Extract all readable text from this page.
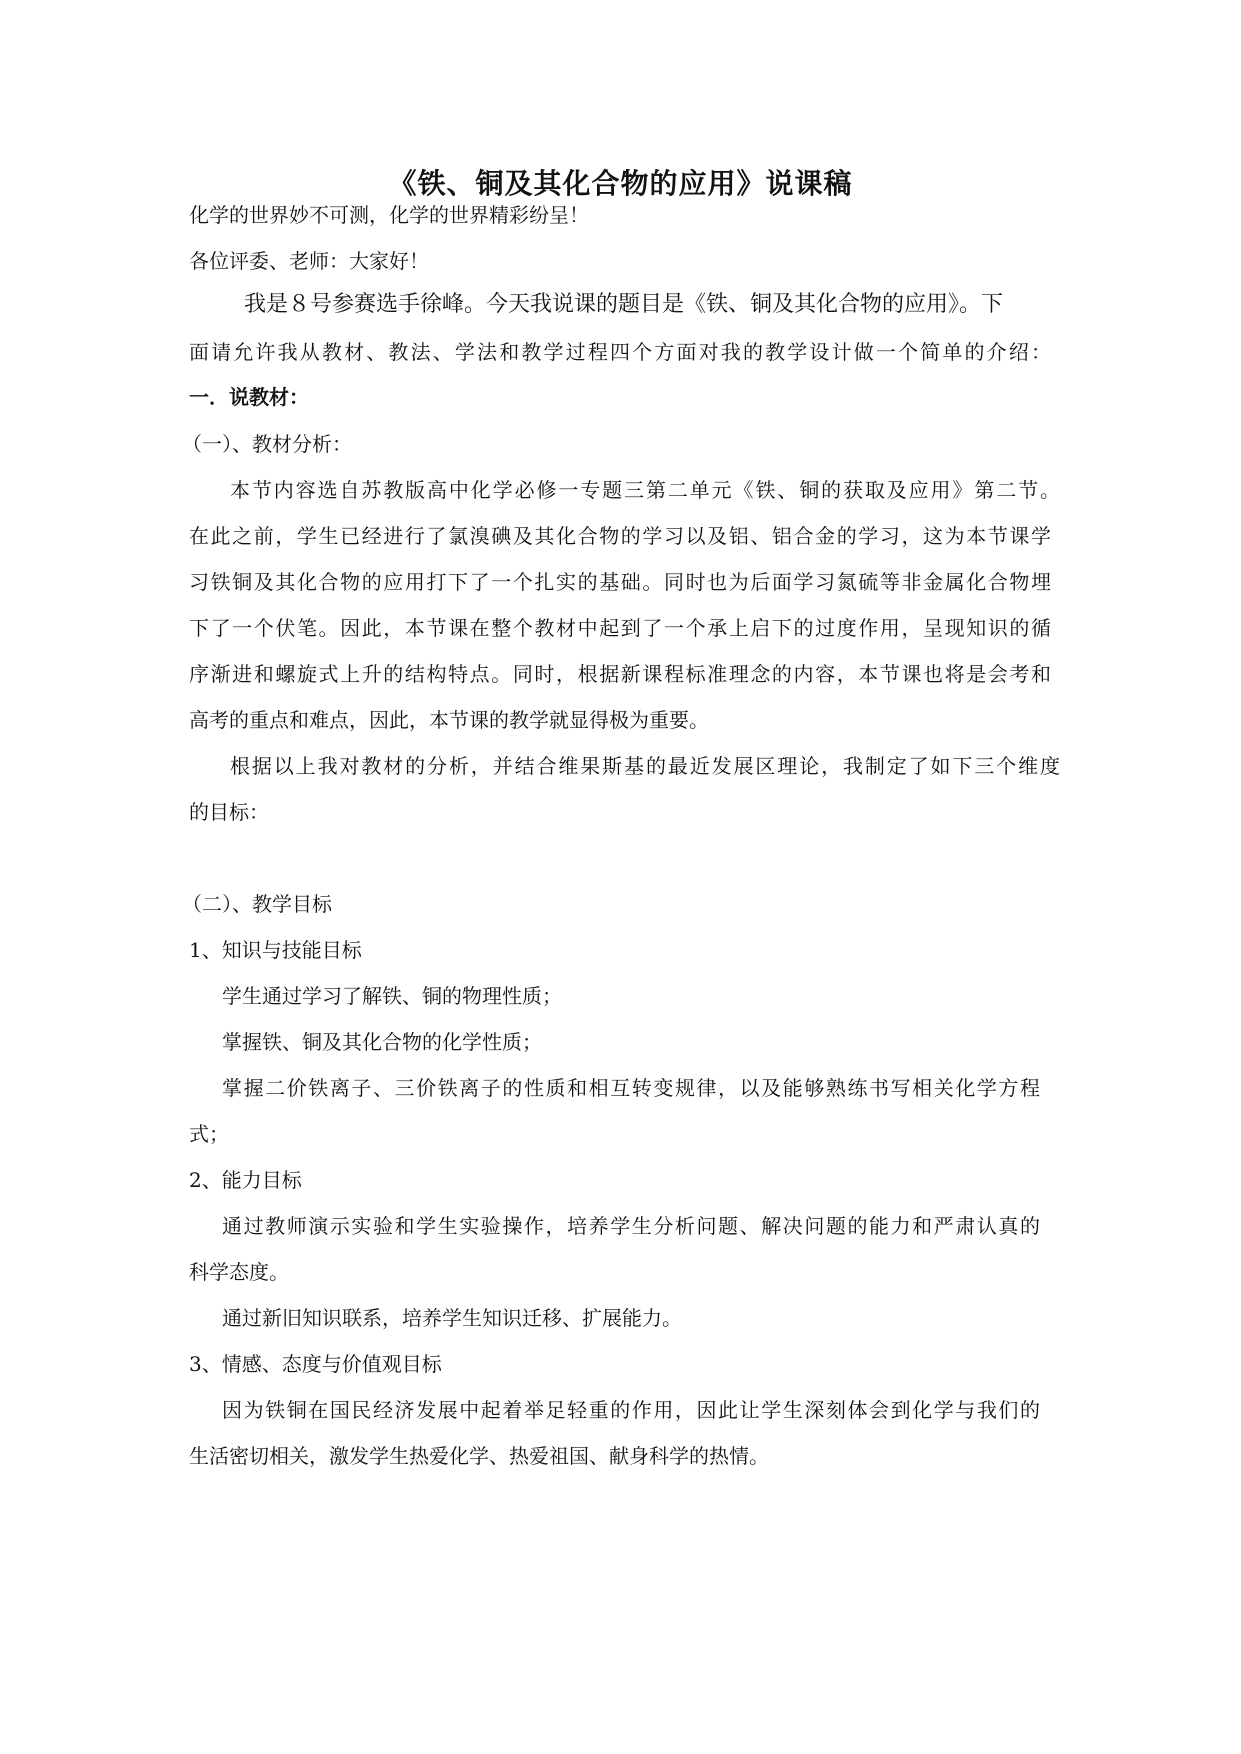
《铁、铜及其化合物的应用》说课稿
化学的世界妙不可测，化学的世界精彩纷呈！
各位评委、老师：大家好！
我是８号参赛选手徐峰。今天我说课的题目是《铁、铜及其化合物的应用》。下
面请允许我从教材、教法、学法和教学过程四个方面对我的教学设计做一个简单的介绍：
一．说教材：
（一）、教材分析：
本节内容选自苏教版高中化学必修一专题三第二单元《铁、铜的获取及应用》第二节。
在此之前，学生已经进行了氯溴碘及其化合物的学习以及铝、铝合金的学习，这为本节课学
习铁铜及其化合物的应用打下了一个扎实的基础。同时也为后面学习氮硫等非金属化合物埋
下了一个伏笔。因此，本节课在整个教材中起到了一个承上启下的过度作用，呈现知识的循
序渐进和螺旋式上升的结构特点。同时，根据新课程标准理念的内容，本节课也将是会考和
高考的重点和难点，因此，本节课的教学就显得极为重要。
根据以上我对教材的分析，并结合维果斯基的最近发展区理论，我制定了如下三个维度
的目标：
（二）、教学目标
1、知识与技能目标
学生通过学习了解铁、铜的物理性质；
掌握铁、铜及其化合物的化学性质；
掌握二价铁离子、三价铁离子的性质和相互转变规律，以及能够熟练书写相关化学方程
式；
2、能力目标
通过教师演示实验和学生实验操作，培养学生分析问题、解决问题的能力和严肃认真的
科学态度。
通过新旧知识联系，培养学生知识迁移、扩展能力。
3、情感、态度与价值观目标
因为铁铜在国民经济发展中起着举足轻重的作用，因此让学生深刻体会到化学与我们的
生活密切相关，激发学生热爱化学、热爱祖国、献身科学的热情。
